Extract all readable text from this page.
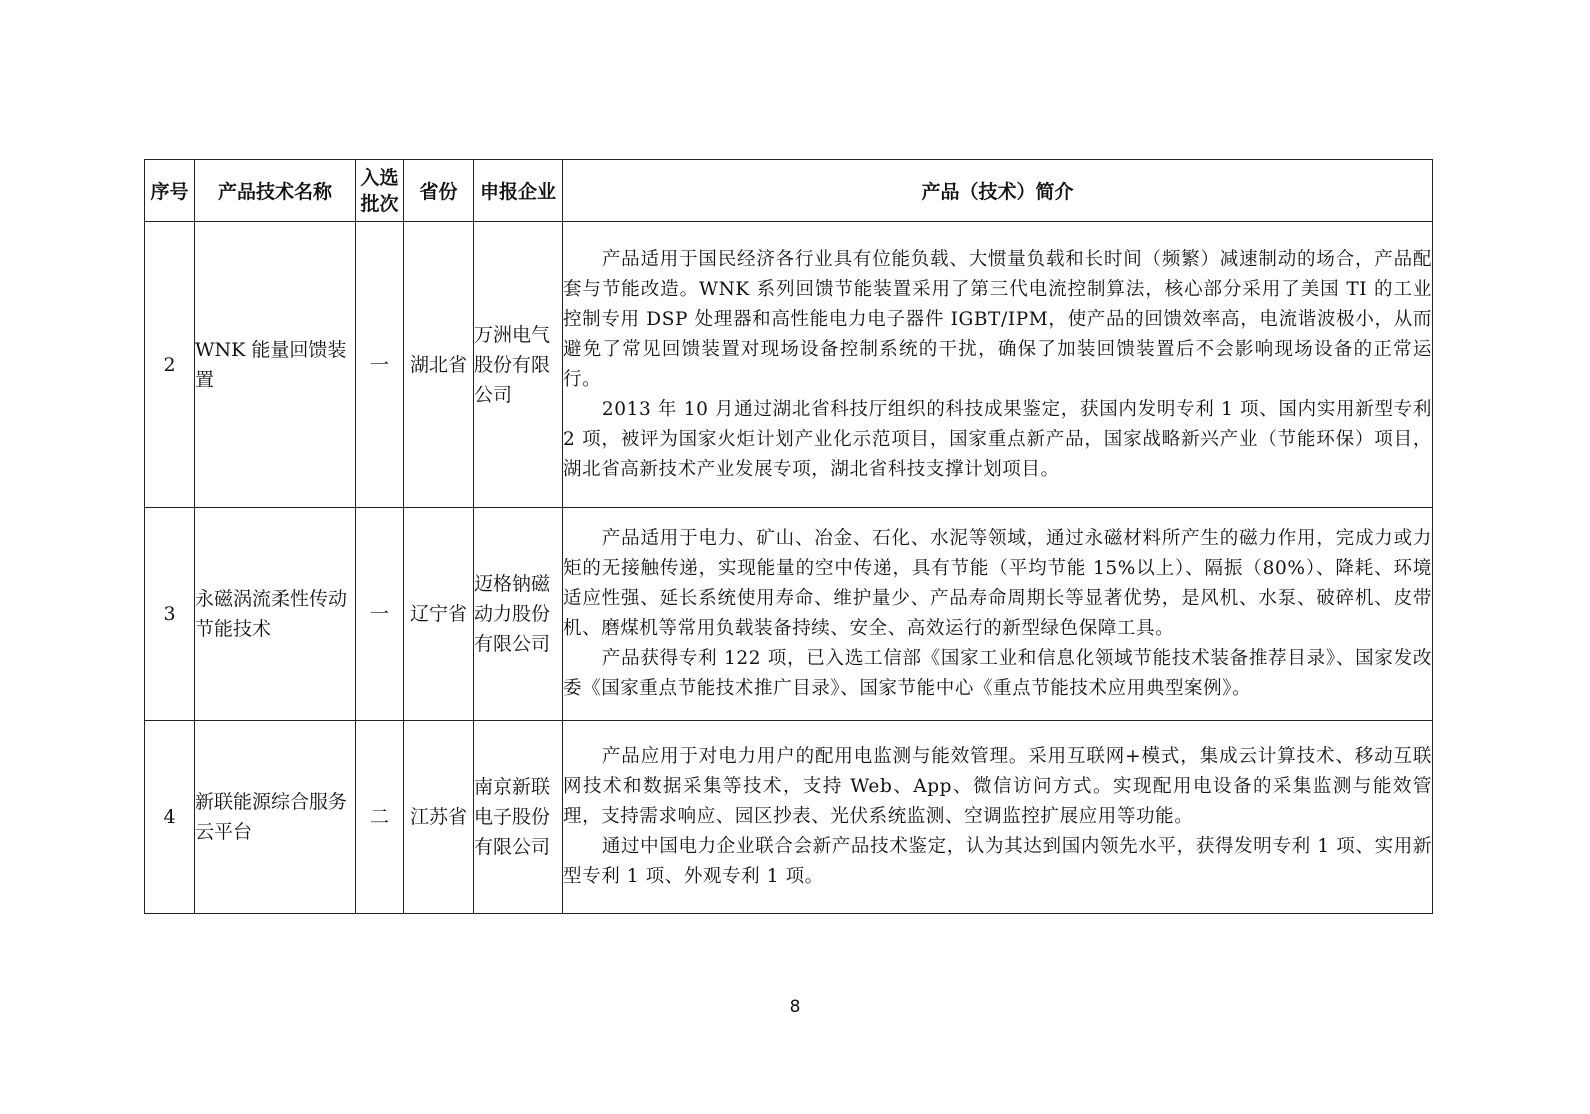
序号	产品技术名称	入选批次	省份	申报企业	产品（技术）简介
2	WNK 能量回馈装置	一	湖北省	万洲电气股份有限公司	产品适用于国民经济各行业具有位能负载、大惯量负载和长时间（频繁）减速制动的场合，产品配套与节能改造。WNK 系列回馈节能装置采用了第三代电流控制算法，核心部分采用了美国 TI 的工业控制专用 DSP 处理器和高性能电力电子器件 IGBT/IPM，使产品的回馈效率高，电流谐波极小，从而避免了常见回馈装置对现场设备控制系统的干扰，确保了加装回馈装置后不会影响现场设备的正常运行。

2013 年 10 月通过湖北省科技厅组织的科技成果鉴定，获国内发明专利 1 项、国内实用新型专利 2 项，被评为国家火炬计划产业化示范项目，国家重点新产品，国家战略新兴产业（节能环保）项目，湖北省高新技术产业发展专项，湖北省科技支撑计划项目。

3	永磁涡流柔性传动节能技术	一	辽宁省	迈格钠磁动力股份有限公司	产品适用于电力、矿山、冶金、石化、水泥等领域，通过永磁材料所产生的磁力作用，完成力或力矩的无接触传递，实现能量的空中传递，具有节能（平均节能 15%以上）、隔振（80%）、降耗、环境适应性强、延长系统使用寿命、维护量少、产品寿命周期长等显著优势，是风机、水泵、破碎机、皮带机、磨煤机等常用负载装备持续、安全、高效运行的新型绿色保障工具。

产品获得专利 122 项，已入选工信部《国家工业和信息化领域节能技术装备推荐目录》、国家发改委《国家重点节能技术推广目录》、国家节能中心《重点节能技术应用典型案例》。

4	新联能源综合服务云平台	二	江苏省	南京新联电子股份有限公司	产品应用于对电力用户的配用电监测与能效管理。采用互联网+模式，集成云计算技术、移动互联网技术和数据采集等技术，支持 Web、App、微信访问方式。实现配用电设备的采集监测与能效管理，支持需求响应、园区抄表、光伏系统监测、空调监控扩展应用等功能。

通过中国电力企业联合会新产品技术鉴定，认为其达到国内领先水平，获得发明专利 1 项、实用新型专利 1 项、外观专利 1 项。

8
